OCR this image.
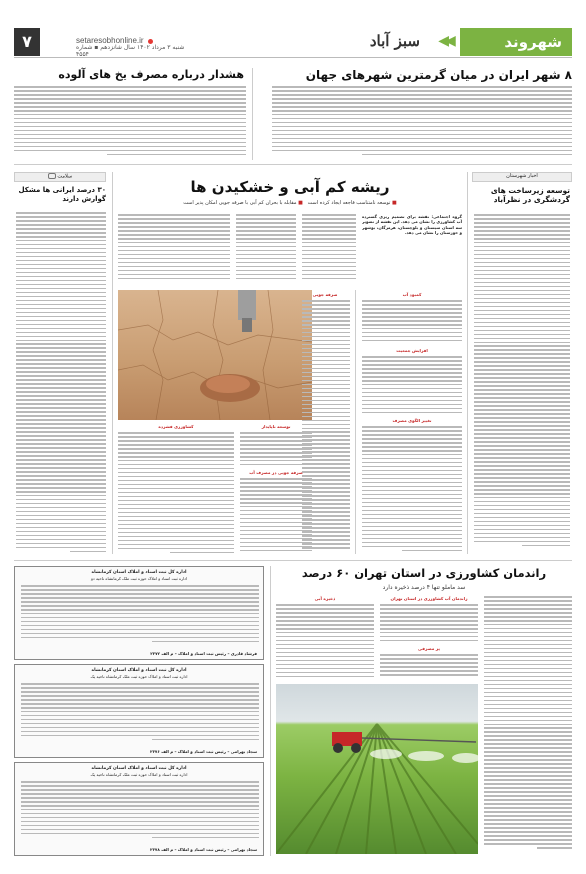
شهروند
◀◀
سبز آباد
setaresobhonline.ir
شنبه ۳ مرداد ۱۴۰۲ سال شانزدهم ▪ شماره ۴۵۵۴
۷
۸ شهر ایران در میان گرمترین شهرهای جهان
هشدار درباره مصرف یخ های آلوده
اخبار شهرستان
توسعه زیرساخت های گردشگری در نظرآباد
سلامت
۳۰ درصد ایرانی ها مشکل گوارش دارند
ریشه کم آبی و خشکیدن ها
■ توسعه نامتناسب فاجعه ایجاد کرده است   ■ مقابله با بحران کم آبی با صرفه جویی امکان پذیر است
گروه اجتماعی: نقشه برای تصمیم ریزی گسترده آب کشاورزی را نشان می دهد. این نقشه از تصویر سه استان سیستان و بلوچستان، هرمزگان، بوشهر و خوزستان را نشان می دهد.
کمبود آب
افزایش جمعیت
تغییر الگوی مصرف
صرفه جویی
توسعه ناپایدار
صرفه جویی در مصرف آب
کشاورزی فشرده
راندمان کشاورزی در استان تهران ۶۰ درصد
سد ماملو تنها ۴ درصد ذخیره دارد
راندمان آب کشاورزی در استان تهران
پر مصرفی
ذخیره آبی
اداره کل ثبت اسناد و املاک استان کرمانشاه
اداره ثبت اسناد و املاک حوزه ثبت ملک کرمانشاه ناحیه دو
فرشاد قادری – رئیس ثبت اسناد و املاک – م الف ۲۳۷۲
اداره کل ثبت اسناد و املاک استان کرمانشاه
اداره ثبت اسناد و املاک حوزه ثبت ملک کرمانشاه ناحیه یک
سجاد بهرامی – رئیس ثبت اسناد و املاک – م الف ۲۳۷۶
اداره کل ثبت اسناد و املاک استان کرمانشاه
اداره ثبت اسناد و املاک حوزه ثبت ملک کرمانشاه ناحیه یک
سجاد بهرامی – رئیس ثبت اسناد و املاک – م الف ۲۳۷۸
